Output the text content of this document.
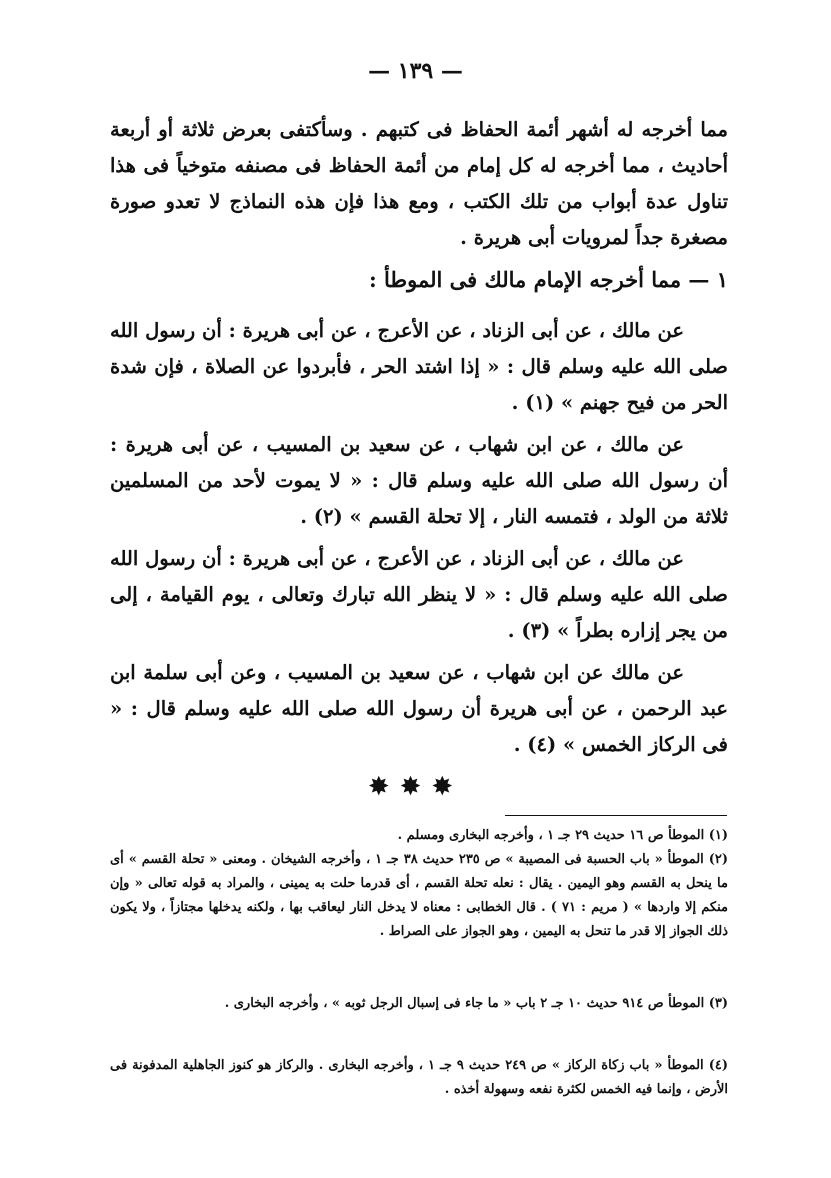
— ١٣٩ —

مما أخرجه له أشهر أئمة الحفاظ فى كتبهم . وسأكتفى بعرض ثلاثة أو أربعة أحاديث ، مما أخرجه له كل إمام من أئمة الحفاظ فى مصنفه متوخياً فى هذا تناول عدة أبواب من تلك الكتب ، ومع هذا فإن هذه النماذج لا تعدو صورة مصغرة جداً لمرويات أبى هريرة .

١ — مما أخرجه الإمام مالك فى الموطأ :

عن مالك ، عن أبى الزناد ، عن الأعرج ، عن أبى هريرة : أن رسول الله صلى الله عليه وسلم قال : « إذا اشتد الحر ، فأبردوا عن الصلاة ، فإن شدة الحر من فيح جهنم » (١) .

عن مالك ، عن ابن شهاب ، عن سعيد بن المسيب ، عن أبى هريرة : أن رسول الله صلى الله عليه وسلم قال : « لا يموت لأحد من المسلمين ثلاثة من الولد ، فتمسه النار ، إلا تحلة القسم » (٢) .

عن مالك ، عن أبى الزناد ، عن الأعرج ، عن أبى هريرة : أن رسول الله صلى الله عليه وسلم قال : « لا ينظر الله تبارك وتعالى ، يوم القيامة ، إلى من يجر إزاره بطراً » (٣) .

عن مالك عن ابن شهاب ، عن سعيد بن المسيب ، وعن أبى سلمة ابن عبد الرحمن ، عن أبى هريرة أن رسول الله صلى الله عليه وسلم قال : « فى الركاز الخمس » (٤) .

✸✸✸

(١) الموطأ ص ١٦ حديث ٢٩ جـ ١ ، وأخرجه البخارى ومسلم .

(٢) الموطأ « باب الحسبة فى المصيبة » ص ٢٣٥ حديث ٣٨ جـ ١ ، وأخرجه الشيخان . ومعنى « تحلة القسم » أى ما ينحل به القسم وهو اليمين . يقال : نعله تحلة القسم ، أى قدرما حلت به يمينى ، والمراد به قوله تعالى « وإن منكم إلا واردها » ( مريم : ٧١ ) . قال الخطابى : معناه لا يدخل النار ليعاقب بها ، ولكنه يدخلها مجتازاً ، ولا يكون ذلك الجواز إلا قدر ما تنحل به اليمين ، وهو الجواز على الصراط .

(٣) الموطأ ص ٩١٤ حديث ١٠ جـ ٢ باب « ما جاء فى إسبال الرجل ثوبه » ، وأخرجه البخارى .

(٤) الموطأ « باب زكاة الركاز » ص ٢٤٩ حديث ٩ جـ ١ ، وأخرجه البخارى . والركاز هو كنوز الجاهلية المدفونة فى الأرض ، وإنما فيه الخمس لكثرة نفعه وسهولة أخذه .
